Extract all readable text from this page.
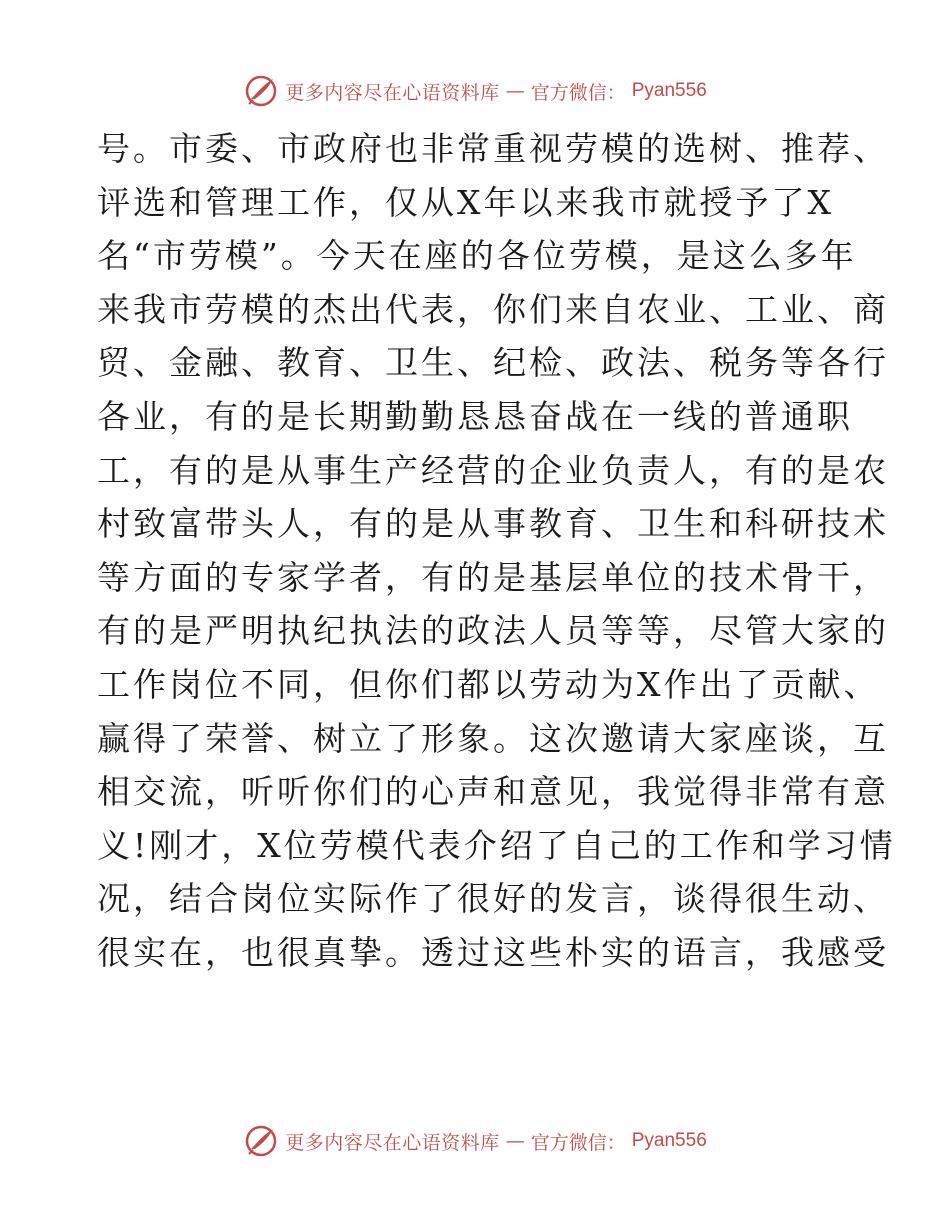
更多内容尽在心语资料库 — 官方微信： Pyan556
号。市委、市政府也非常重视劳模的选树、推荐、
评选和管理工作，仅从X年以来我市就授予了X
名“市劳模”。今天在座的各位劳模，是这么多年
来我市劳模的杰出代表，你们来自农业、工业、商
贸、金融、教育、卫生、纪检、政法、税务等各行
各业，有的是长期勤勤恳恳奋战在一线的普通职
工，有的是从事生产经营的企业负责人，有的是农
村致富带头人，有的是从事教育、卫生和科研技术
等方面的专家学者，有的是基层单位的技术骨干，
有的是严明执纪执法的政法人员等等，尽管大家的
工作岗位不同，但你们都以劳动为X作出了贡献、
赢得了荣誉、树立了形象。这次邀请大家座谈，互
相交流，听听你们的心声和意见，我觉得非常有意
义!刚才，X位劳模代表介绍了自己的工作和学习情
况，结合岗位实际作了很好的发言，谈得很生动、
很实在，也很真挚。透过这些朴实的语言，我感受
更多内容尽在心语资料库 — 官方微信： Pyan556
